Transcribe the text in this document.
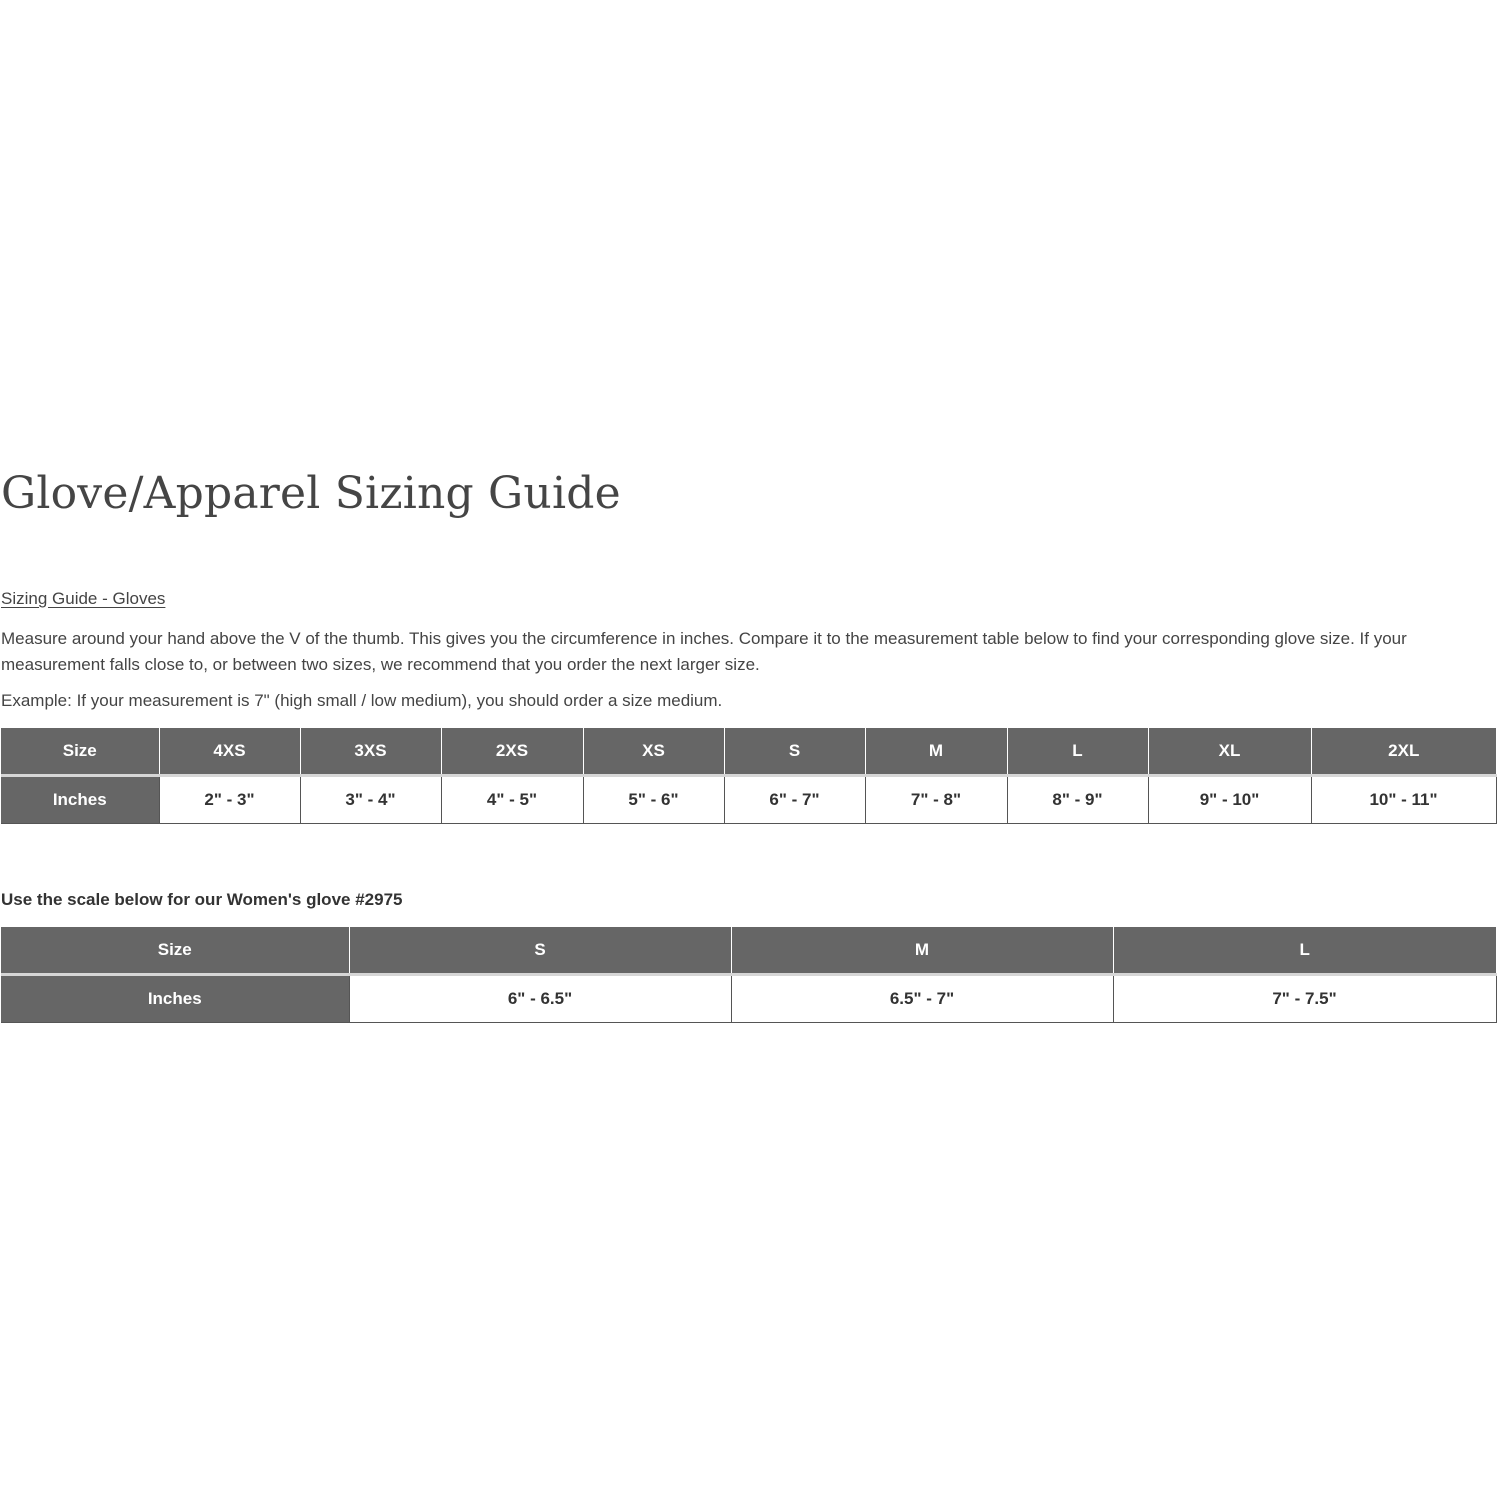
Glove/Apparel Sizing Guide
Sizing Guide - Gloves

Measure around your hand above the V of the thumb. This gives you the circumference in inches. Compare it to the measurement table below to find your corresponding glove size. If your measurement falls close to, or between two sizes, we recommend that you order the next larger size.

Example: If your measurement is 7" (high small / low medium), you should order a size medium.

Size	4XS	3XS	2XS	XS	S	M	L	XL	2XL
Inches	2" - 3"	3" - 4"	4" - 5"	5" - 6"	6" - 7"	7" - 8"	8" - 9"	9" - 10"	10" - 11"

Use the scale below for our Women's glove #2975

Size	S	M	L
Inches	6" - 6.5"	6.5" - 7"	7" - 7.5"
